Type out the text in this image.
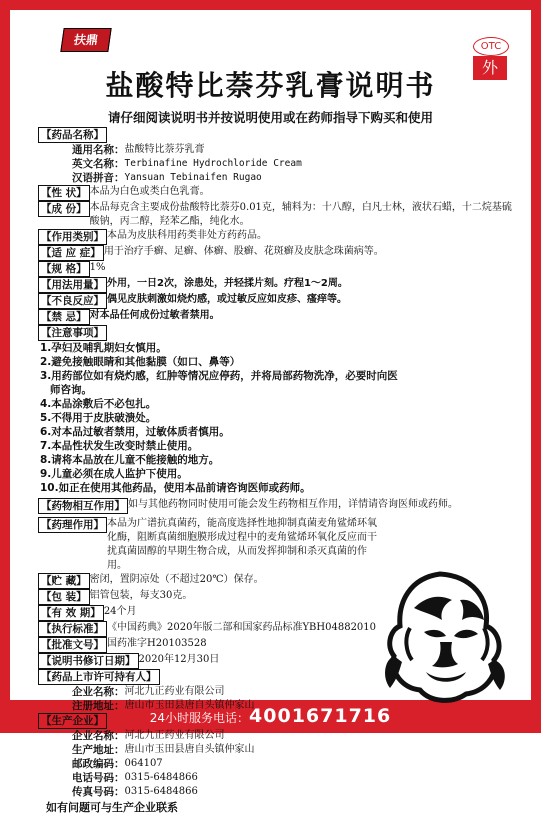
扶鼎	OTC
外
盐酸特比萘芬乳膏说明书
请仔细阅读说明书并按说明使用或在药师指导下购买和使用
【药品名称】
通用名称： 盐酸特比萘芬乳膏
英文名称： Terbinafine Hydrochloride Cream
汉语拼音： Yansuan Tebinaifen Rugao
【性 状】 本品为白色或类白色乳膏。
【成 份】 本品每克含主要成份盐酸特比萘芬0.01克，辅料为：十八醇，白凡士林，液状石蜡，十二烷基硫酸钠，丙二醇，羟苯乙酯，纯化水。
【作用类别】 本品为皮肤科用药类非处方药药品。
【适 应 症】 用于治疗手癣、足癣、体癣、股癣、花斑癣及皮肤念珠菌病等。
【规 格】 1%
【用法用量】 外用，一日2次，涂患处，并轻揉片刻。疗程1～2周。
【不良反应】 偶见皮肤刺激如烧灼感，或过敏反应如皮疹、瘙痒等。
【禁 忌】 对本品任何成份过敏者禁用。
【注意事项】
1.孕妇及哺乳期妇女慎用。
2.避免接触眼睛和其他黏膜（如口、鼻等）
3.用药部位如有烧灼感，红肿等情况应停药，并将局部药物洗净，必要时向医
师咨询。
4.本品涂敷后不必包扎。
5.不得用于皮肤破溃处。
6.对本品过敏者禁用，过敏体质者慎用。
7.本品性状发生改变时禁止使用。
8.请将本品放在儿童不能接触的地方。
9.儿童必须在成人监护下使用。
10.如正在使用其他药品，使用本品前请咨询医师或药师。
【药物相互作用】 如与其他药物同时使用可能会发生药物相互作用，详情请咨询医师或药师。
【药理作用】 本品为广谱抗真菌药，能高度选择性地抑制真菌麦角鲨烯环氧化酶，阻断真菌细胞膜形成过程中的麦角鲨烯环氧化反应而干扰真菌固醇的早期生物合成，从而发挥抑制和杀灭真菌的作用。
【贮 藏】 密闭，置阴凉处（不超过20℃）保存。
【包 装】 铝管包装，每支30克。
【有 效 期】 24个月
【执行标准】 《中国药典》2020年版二部和国家药品标准YBH04882010
【批准文号】 国药准字H20103528
【说明书修订日期】 2020年12月30日
【药品上市许可持有人】
企业名称： 河北九正药业有限公司
注册地址： 唐山市玉田县唐自头镇仲家山
【生产企业】
企业名称： 河北九正药业有限公司
生产地址： 唐山市玉田县唐自头镇仲家山
邮政编码： 064107
电话号码： 0315-6484866
传真号码： 0315-6484866
如有问题可与生产企业联系
24小时服务电话：4001671716
